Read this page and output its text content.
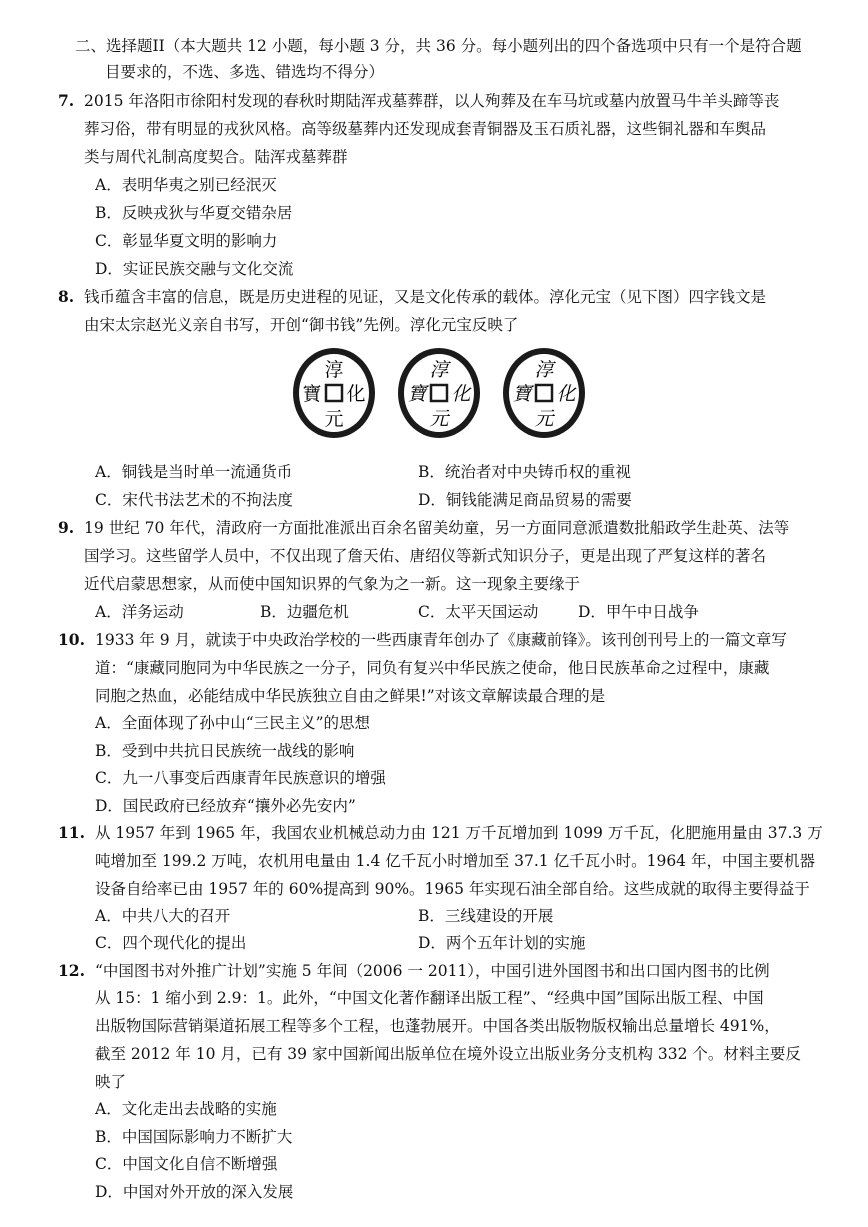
二、选择题II（本大题共 12 小题，每小题 3 分，共 36 分。每小题列出的四个备选项中只有一个是符合题
目要求的，不选、多选、错选均不得分）
7. 2015 年洛阳市徐阳村发现的春秋时期陆浑戎墓葬群，以人殉葬及在车马坑或墓内放置马牛羊头蹄等丧
葬习俗，带有明显的戎狄风格。高等级墓葬内还发现成套青铜器及玉石质礼器，这些铜礼器和车舆品
类与周代礼制高度契合。陆浑戎墓葬群
A．表明华夷之别已经泯灭
B．反映戎狄与华夏交错杂居
C．彰显华夏文明的影响力
D．实证民族交融与文化交流
8. 钱币蕴含丰富的信息，既是历史进程的见证，又是文化传承的载体。淳化元宝（见下图）四字钱文是
由宋太宗赵光义亲自书写，开创“御书钱”先例。淳化元宝反映了
淳
化
元
寶
淳
化
元
寶
淳
化
元
寶
A．铜钱是当时单一流通货币	B．统治者对中央铸币权的重视
C．宋代书法艺术的不拘法度	D．铜钱能满足商品贸易的需要
9. 19 世纪 70 年代，清政府一方面批准派出百余名留美幼童，另一方面同意派遣数批船政学生赴英、法等
国学习。这些留学人员中，不仅出现了詹天佑、唐绍仪等新式知识分子，更是出现了严复这样的著名
近代启蒙思想家，从而使中国知识界的气象为之一新。这一现象主要缘于
A．洋务运动	B．边疆危机	C．太平天国运动	D．甲午中日战争
10. 1933 年 9 月，就读于中央政治学校的一些西康青年创办了《康藏前锋》。该刊创刊号上的一篇文章写
道：“康藏同胞同为中华民族之一分子，同负有复兴中华民族之使命，他日民族革命之过程中，康藏
同胞之热血，必能结成中华民族独立自由之鲜果!”对该文章解读最合理的是
A．全面体现了孙中山“三民主义”的思想
B．受到中共抗日民族统一战线的影响
C．九一八事变后西康青年民族意识的增强
D．国民政府已经放弃“攘外必先安内”
11. 从 1957 年到 1965 年，我国农业机械总动力由 121 万千瓦增加到 1099 万千瓦，化肥施用量由 37.3 万
吨增加至 199.2 万吨，农机用电量由 1.4 亿千瓦小时增加至 37.1 亿千瓦小时。1964 年，中国主要机器
设备自给率已由 1957 年的 60%提高到 90%。1965 年实现石油全部自给。这些成就的取得主要得益于
A．中共八大的召开	B．三线建设的开展
C．四个现代化的提出	D．两个五年计划的实施
12. “中国图书对外推广计划”实施 5 年间（2006 一 2011），中国引进外国图书和出口国内图书的比例
从 15：1 缩小到 2.9：1。此外，“中国文化著作翻译出版工程”、“经典中国”国际出版工程、中国
出版物国际营销渠道拓展工程等多个工程，也蓬勃展开。中国各类出版物版权输出总量增长 491%，
截至 2012 年 10 月，已有 39 家中国新闻出版单位在境外设立出版业务分支机构 332 个。材料主要反
映了
A．文化走出去战略的实施
B．中国国际影响力不断扩大
C．中国文化自信不断增强
D．中国对外开放的深入发展
